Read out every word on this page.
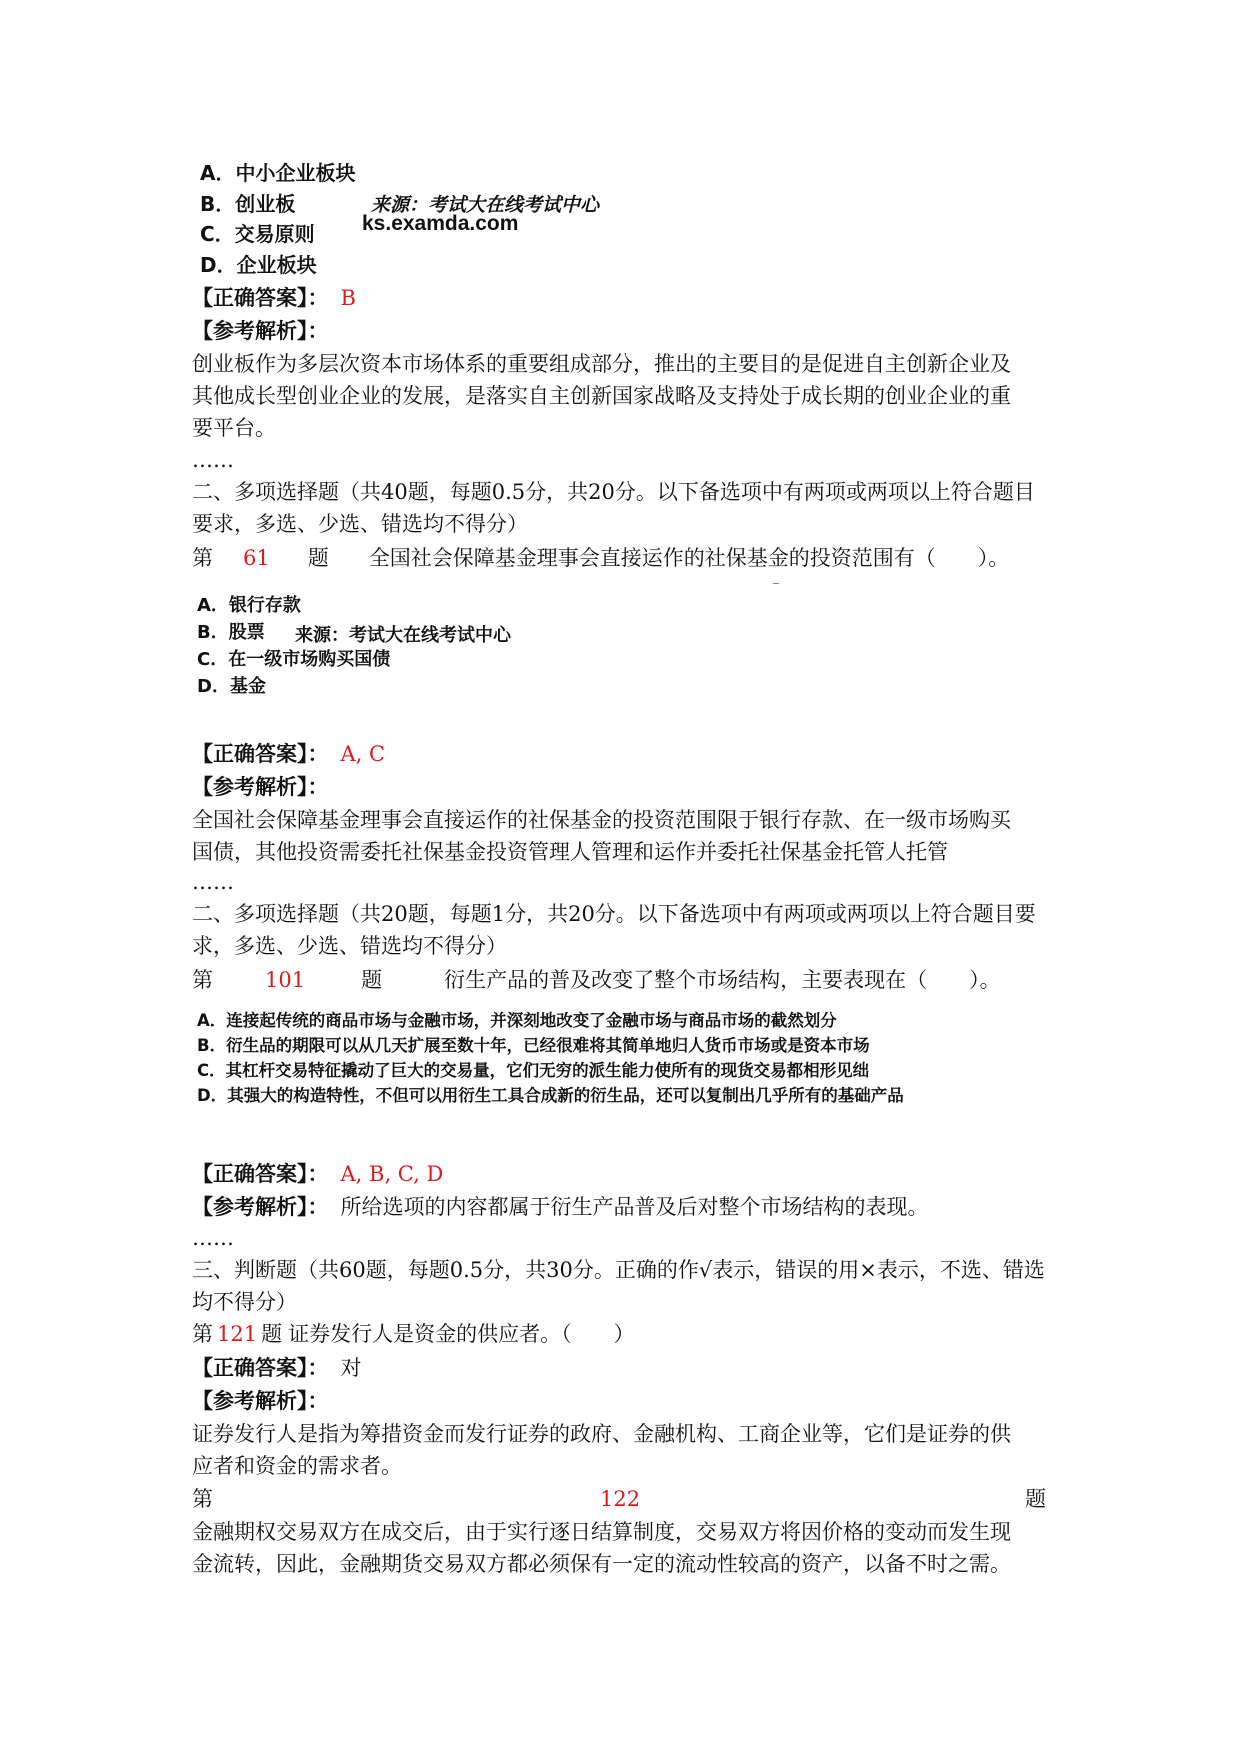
A．中小企业板块
B．创业板	来源：考试大在线考试中心
C．交易原则 ks.examda.com
D．企业板块
【正确答案】： B
【参考解析】：
创业板作为多层次资本市场体系的重要组成部分，推出的主要目的是促进自主创新企业及
其他成长型创业企业的发展，是落实自主创新国家战略及支持处于成长期的创业企业的重
要平台。
……
二、多项选择题（共40题，每题0.5分，共20分。以下备选项中有两项或两项以上符合题目
要求，多选、少选、错选均不得分）
第 61 题 全国社会保障基金理事会直接运作的社保基金的投资范围有（　　）。
A．银行存款
B．股票 来源：考试大在线考试中心
C．在一级市场购买国债
D．基金
【正确答案】： A, C
【参考解析】：
全国社会保障基金理事会直接运作的社保基金的投资范围限于银行存款、在一级市场购买
国债，其他投资需委托社保基金投资管理人管理和运作并委托社保基金托管人托管
……
二、多项选择题（共20题，每题1分，共20分。以下备选项中有两项或两项以上符合题目要
求，多选、少选、错选均不得分）
第 101	题	衍生产品的普及改变了整个市场结构，主要表现在（　　）。
A．连接起传统的商品市场与金融市场，并深刻地改变了金融市场与商品市场的截然划分
B．衍生品的期限可以从几天扩展至数十年，已经很难将其简单地归人货币市场或是资本市场
C．其杠杆交易特征撬动了巨大的交易量，它们无穷的派生能力使所有的现货交易都相形见绌
D．其强大的构造特性，不但可以用衍生工具合成新的衍生品，还可以复制出几乎所有的基础产品
【正确答案】： A, B, C, D
【参考解析】： 所给选项的内容都属于衍生产品普及后对整个市场结构的表现。
……
三、判断题（共60题，每题0.5分，共30分。正确的作√表示，错误的用×表示，不选、错选
均不得分）
第 121 题 证券发行人是资金的供应者。（　　）
【正确答案】： 对
【参考解析】：
证券发行人是指为筹措资金而发行证券的政府、金融机构、工商企业等，它们是证券的供
应者和资金的需求者。
第	122	题
金融期权交易双方在成交后，由于实行逐日结算制度，交易双方将因价格的变动而发生现
金流转，因此，金融期货交易双方都必须保有一定的流动性较高的资产，以备不时之需。
